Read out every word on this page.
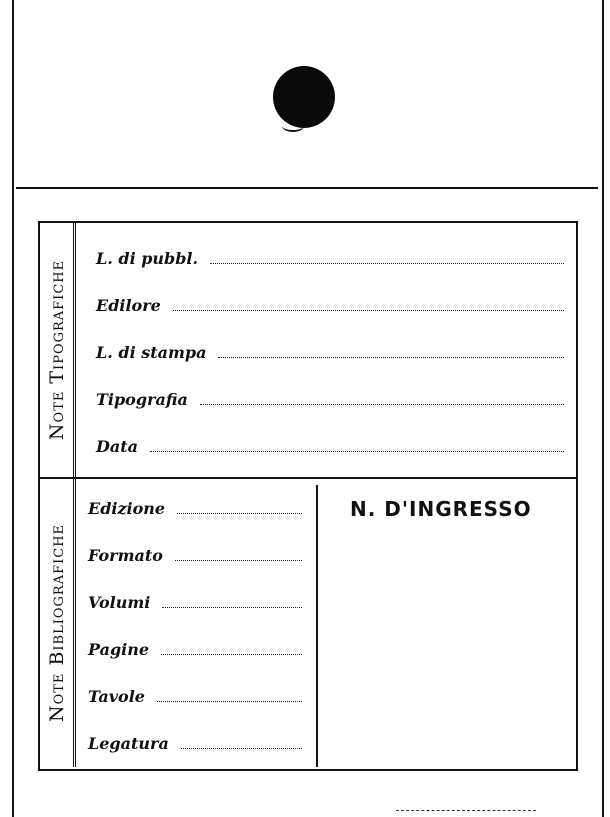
Note Tipografiche
L. di pubbl.
Edilore
L. di stampa
Tipografia
Data
Note Bibliografiche
Edizione
Formato
Volumi
Pagine
Tavole
Legatura
N. D'INGRESSO
